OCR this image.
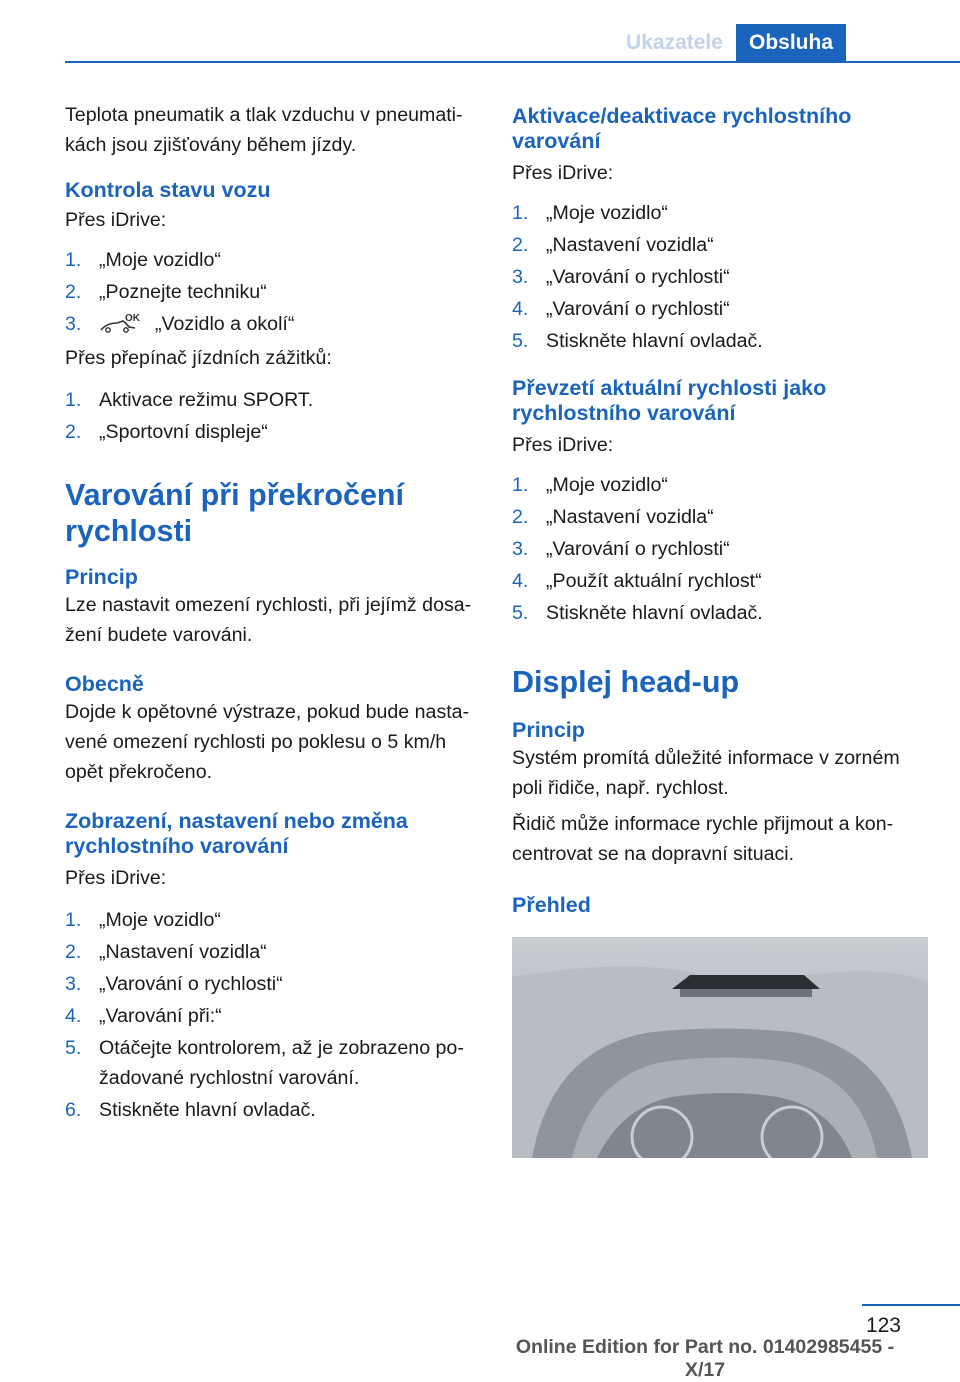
Ukazatele	Obsluha

Teplota pneumatik a tlak vzduchu v pneumati‐ kách jsou zjišťovány během jízdy.

Kontrola stavu vozu

Přes iDrive:

1. „Moje vozidlo“
2. „Poznejte techniku“
3.	OK „Vozidlo a okolí“

Přes přepínač jízdních zážitků:

1. Aktivace režimu SPORT.
2. „Sportovní displeje“
Varování při překročení rychlosti
Princip

Lze nastavit omezení rychlosti, při jejímž dosa‐ žení budete varováni.

Obecně

Dojde k opětovné výstraze, pokud bude nasta‐ vené omezení rychlosti po poklesu o 5 km/h opět překročeno.

Zobrazení, nastavení nebo změna rychlostního varování

Přes iDrive:

1. „Moje vozidlo“
2. „Nastavení vozidla“
3. „Varování o rychlosti“
4. „Varování při:“
5. Otáčejte kontrolorem, až je zobrazeno po‐ žadované rychlostní varování.
6. Stiskněte hlavní ovladač.
Aktivace/deaktivace rychlostního varování

Přes iDrive:

1. „Moje vozidlo“
2. „Nastavení vozidla“
3. „Varování o rychlosti“
4. „Varování o rychlosti“
5. Stiskněte hlavní ovladač.
Převzetí aktuální rychlosti jako rychlostního varování

Přes iDrive:

1. „Moje vozidlo“
2. „Nastavení vozidla“
3. „Varování o rychlosti“
4. „Použít aktuální rychlost“
5. Stiskněte hlavní ovladač.
Displej head-up
Princip

Systém promítá důležité informace v zorném poli řidiče, např. rychlost.

Řidič může informace rychle přijmout a kon‐ centrovat se na dopravní situaci.

Přehled
123
Online Edition for Part no. 01402985455 - X/17
